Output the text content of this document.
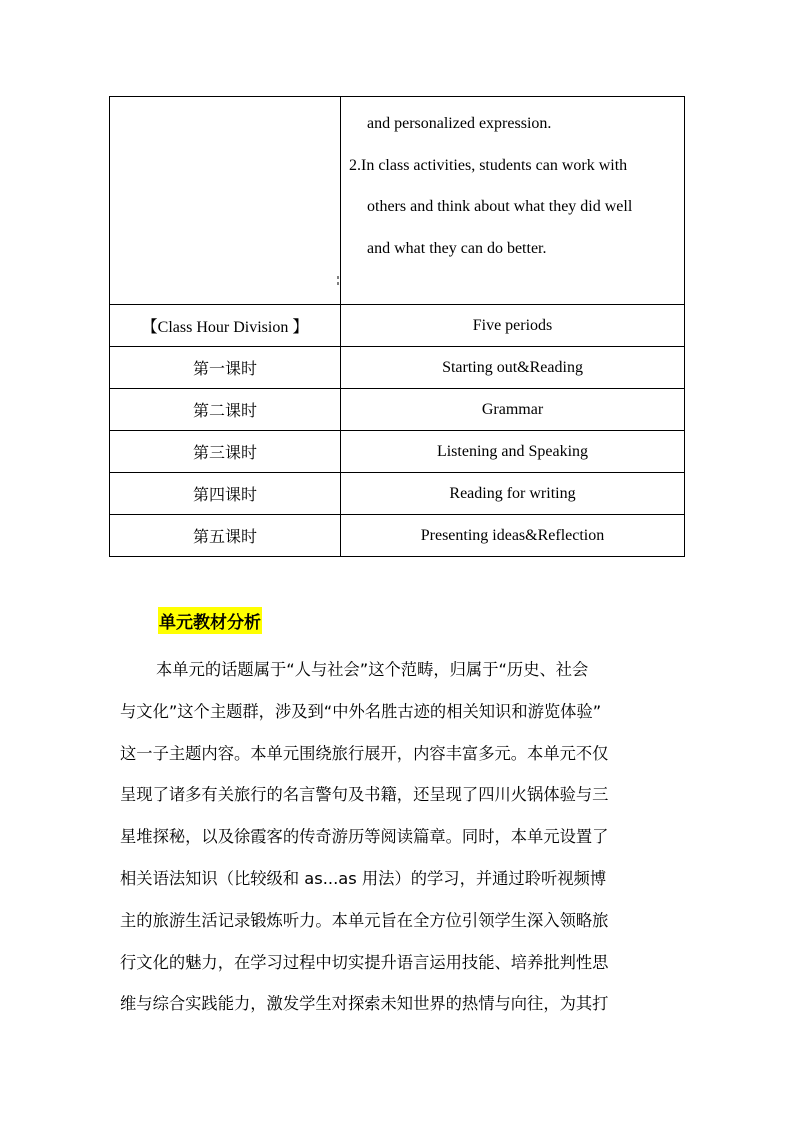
	and personalized expression.
2.In class activities, students can work with
others and think about what they did well
and what they can do better.

【Class Hour Division 】	Five periods
第一课时	Starting out&Reading
第二课时	Grammar
第三课时	Listening and Speaking
第四课时	Reading for writing
第五课时	Presenting ideas&Reflection
单元教材分析
本单元的话题属于“人与社会”这个范畴，归属于“历史、社会
与文化”这个主题群，涉及到“中外名胜古迹的相关知识和游览体验”
这一子主题内容。本单元围绕旅行展开，内容丰富多元。本单元不仅
呈现了诸多有关旅行的名言警句及书籍，还呈现了四川火锅体验与三
星堆探秘，以及徐霞客的传奇游历等阅读篇章。同时，本单元设置了
相关语法知识（比较级和 as...as 用法）的学习，并通过聆听视频博
主的旅游生活记录锻炼听力。本单元旨在全方位引领学生深入领略旅
行文化的魅力，在学习过程中切实提升语言运用技能、培养批判性思
维与综合实践能力，激发学生对探索未知世界的热情与向往，为其打
